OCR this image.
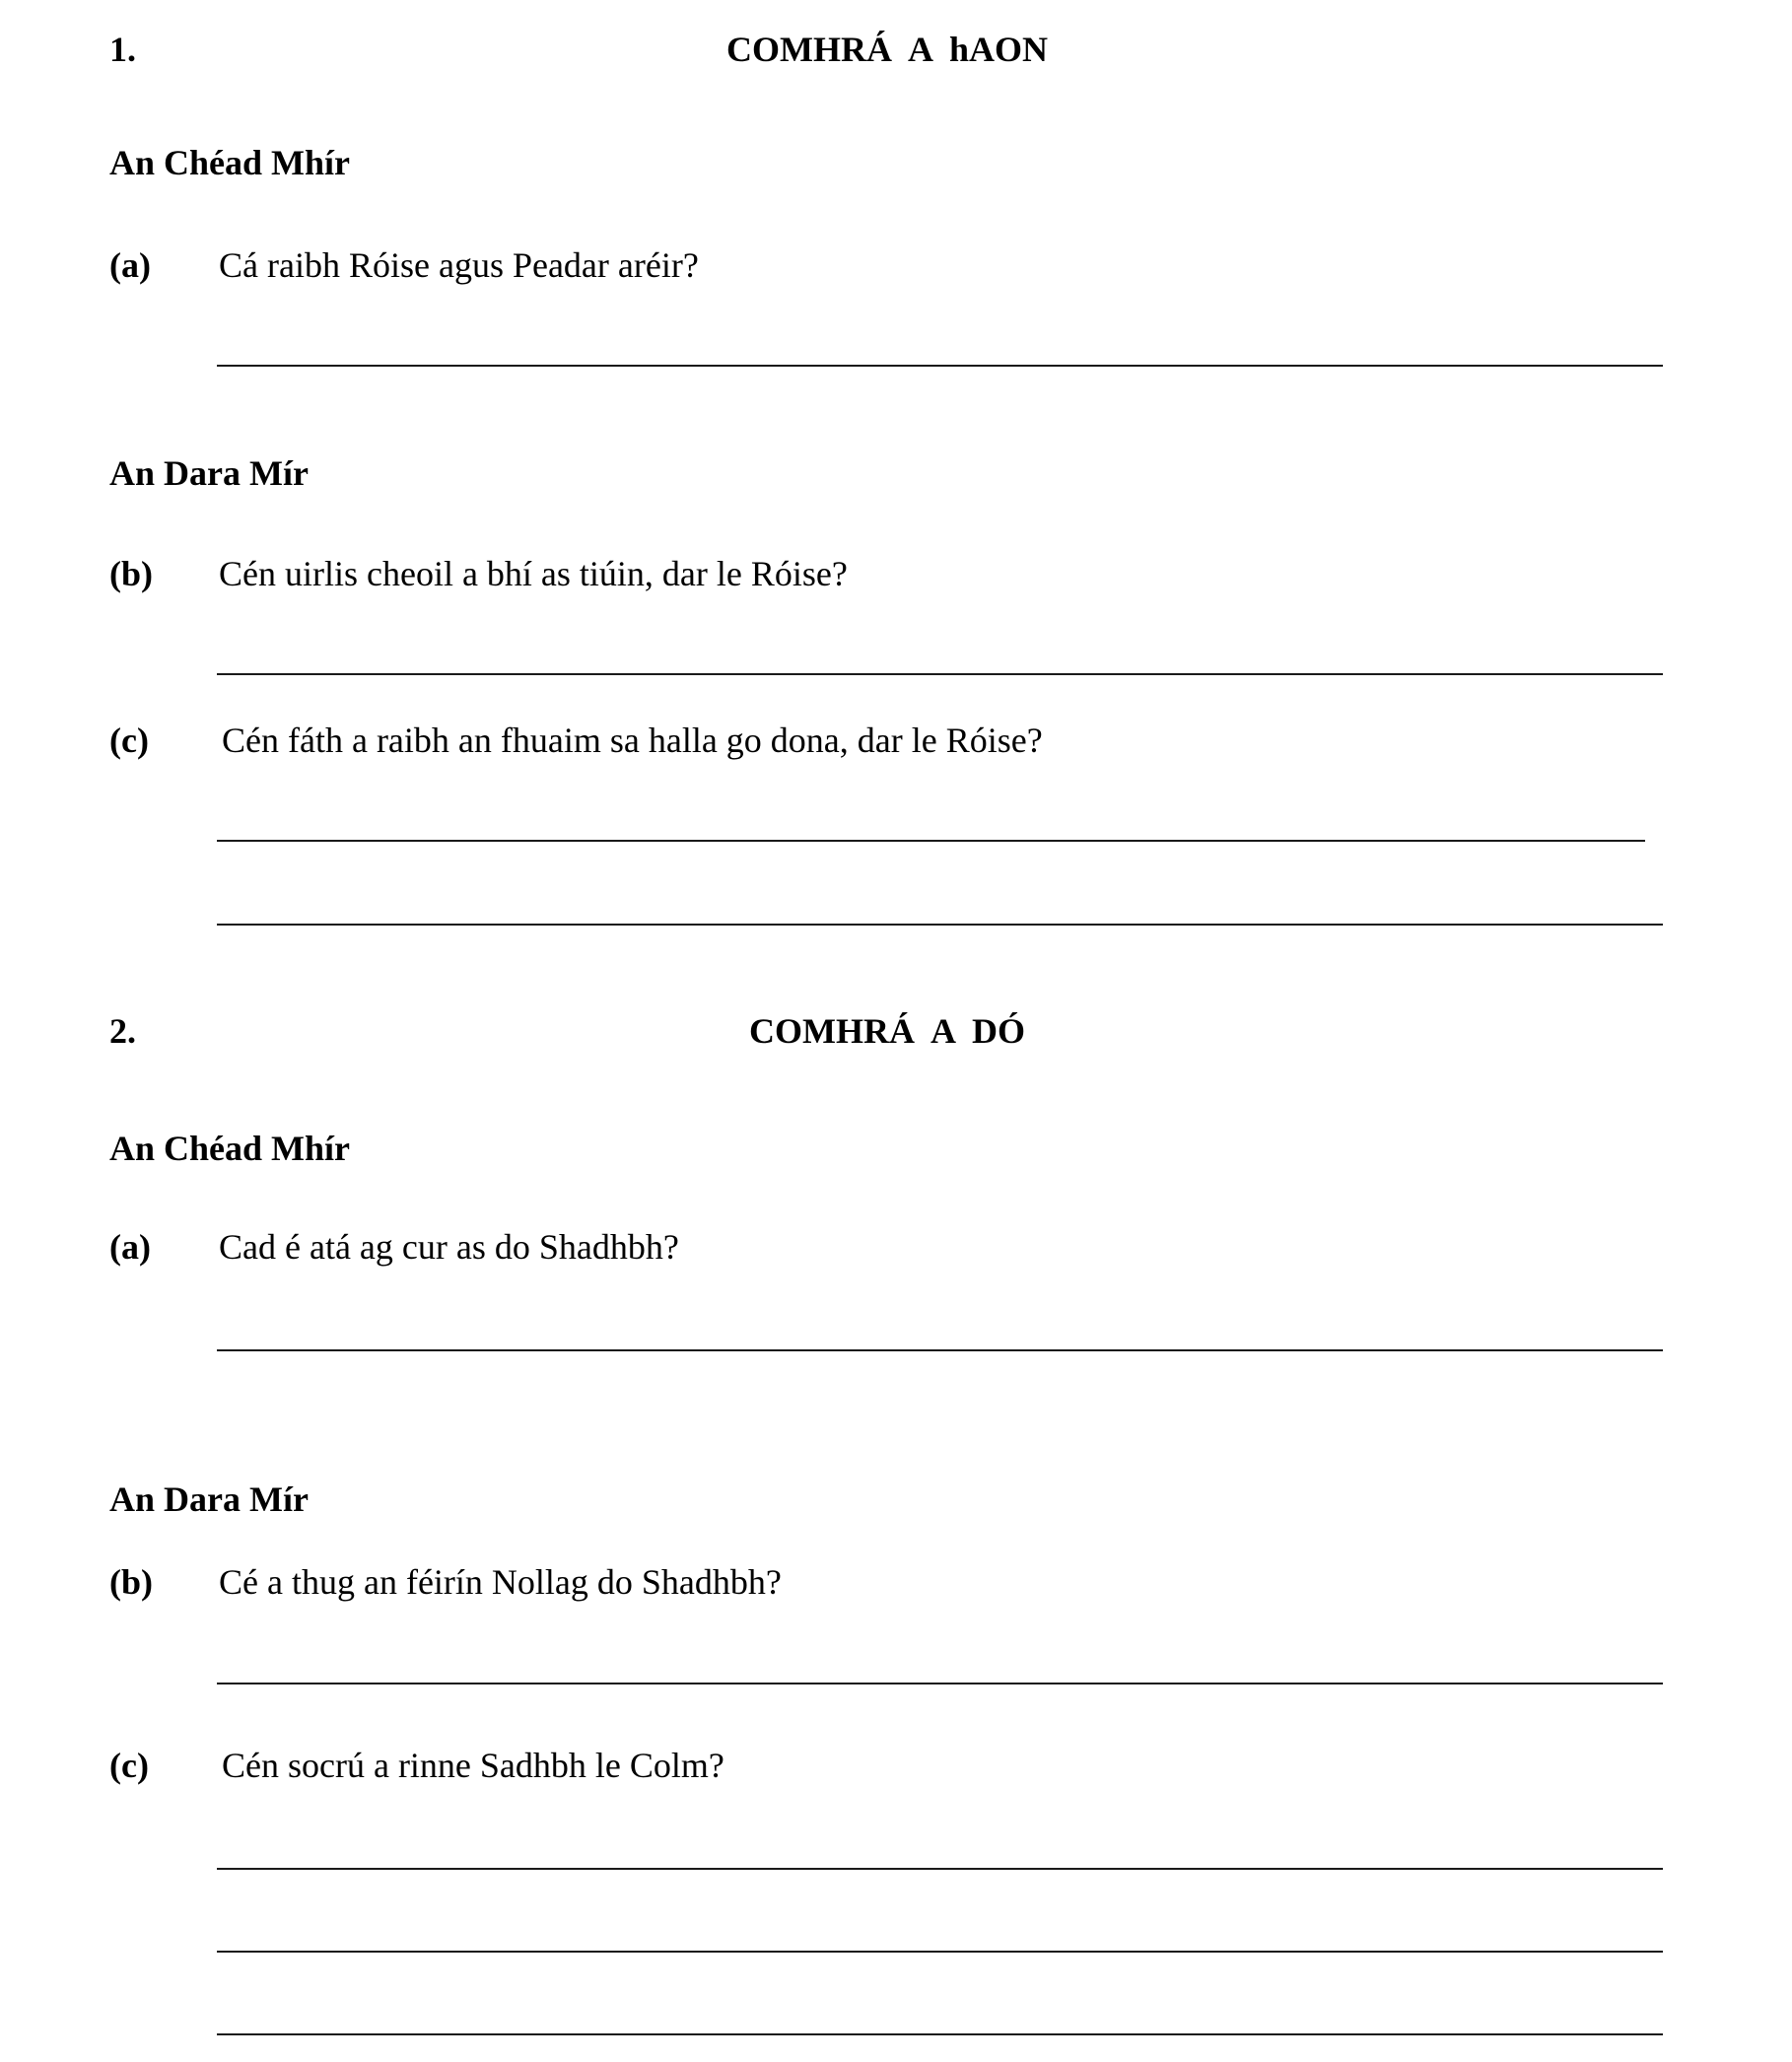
1.	COMHRÁ  A  hAON
An Chéad Mhír
(a) Cá raibh Róise agus Peadar aréir?
An Dara Mír
(b) Cén uirlis cheoil a bhí as tiúin, dar le Róise?
(c) Cén fáth a raibh an fhuaim sa halla go dona, dar le Róise?
2.	COMHRÁ  A  DÓ
An Chéad Mhír
(a) Cad é atá ag cur as do Shadhbh?
An Dara Mír
(b) Cé a thug an féirín Nollag do Shadhbh?
(c) Cén socrú a rinne Sadhbh le Colm?
